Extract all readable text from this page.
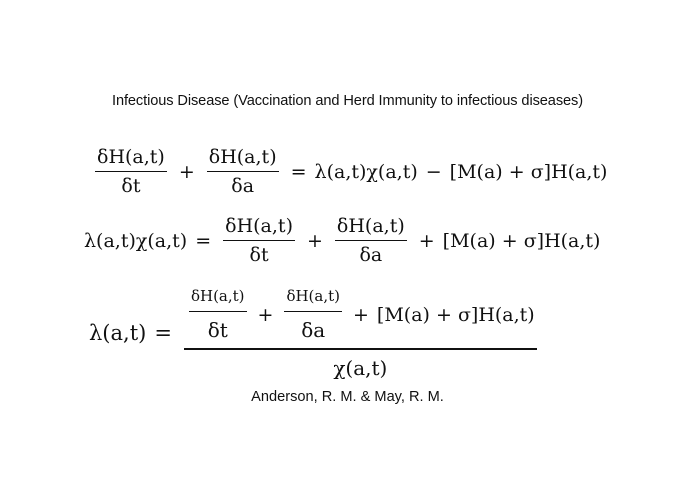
Infectious Disease (Vaccination and Herd Immunity to infectious diseases)
$\frac{\delta H(a,t)}{\delta t} + \frac{\delta H(a,t)}{\delta a} = \lambda(a,t)\chi(a,t) - [M(a) + \sigma]H(a,t)$
$\lambda(a,t)\chi(a,t) = \frac{\delta H(a,t)}{\delta t} + \frac{\delta H(a,t)}{\delta a} + [M(a) + \sigma]H(a,t)$
$\lambda(a,t) = \frac{\delta H(a,t)}{\delta t} + \frac{\delta H(a,t)}{\delta a} + [M(a) + \sigma]H(a,t)$
χ(a,t)
Anderson, R. M. & May, R. M.
